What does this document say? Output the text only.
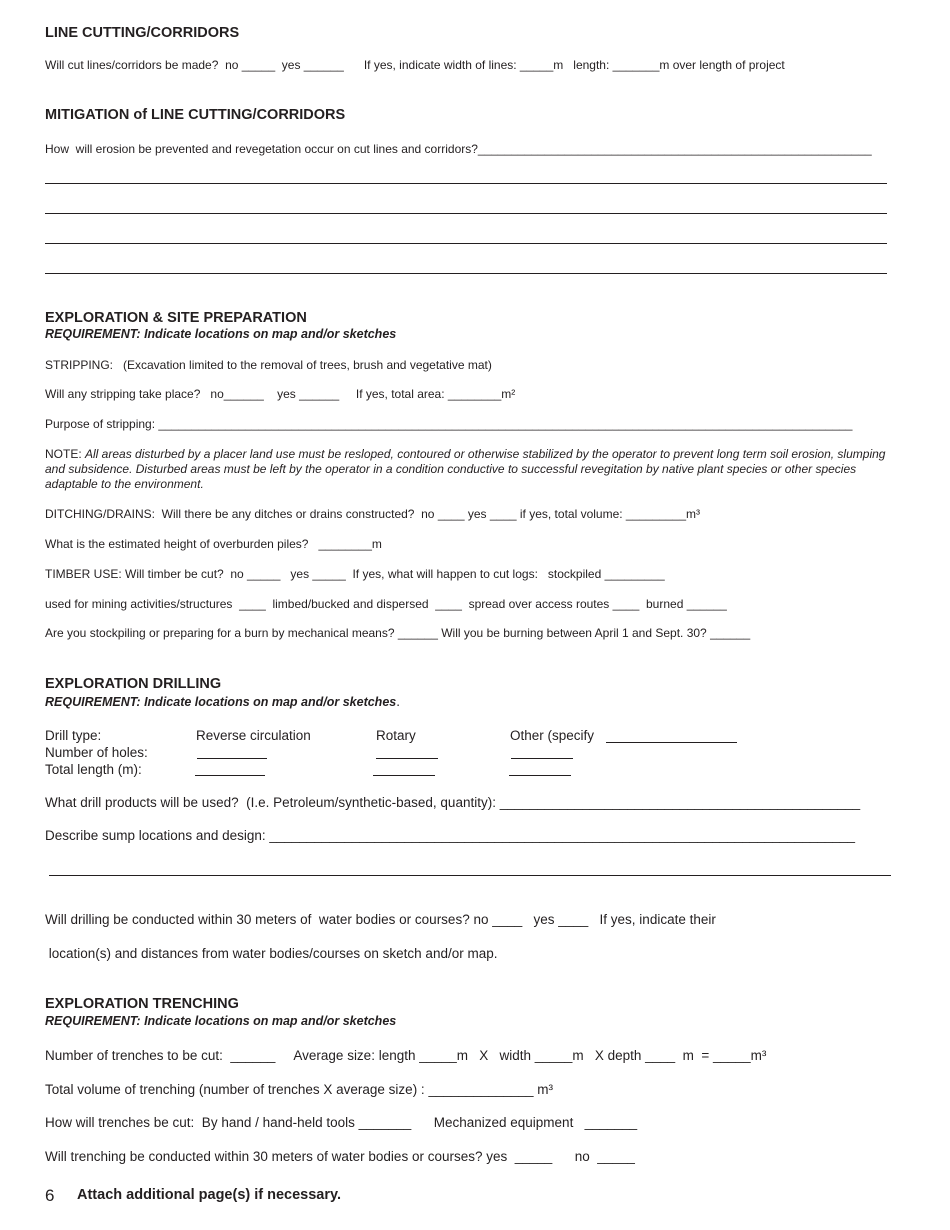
LINE CUTTING/CORRIDORS
Will cut lines/corridors be made?  no _____  yes ______      If yes, indicate width of lines: _____m   length: _______m over length of project
MITIGATION of LINE CUTTING/CORRIDORS
How  will erosion be prevented and revegetation occur on cut lines and corridors?___________________________________________________________
EXPLORATION & SITE PREPARATION
REQUIREMENT: Indicate locations on map and/or sketches
STRIPPING:   (Excavation limited to the removal of trees, brush and vegetative mat)
Will any stripping take place?   no______    yes ______     If yes, total area: ________m²
Purpose of stripping: ________________________________________________________________________________________________________
NOTE: All areas disturbed by a placer land use must be resloped, contoured or otherwise stabilized by the operator to prevent long term soil erosion, slumping and subsidence. Disturbed areas must be left by the operator in a condition conductive to successful revegitation by native plant species or other species adaptable to the environment.
DITCHING/DRAINS:  Will there be any ditches or drains constructed?  no ____ yes ____ if yes, total volume: _________m³
What is the estimated height of overburden piles?   ________m
TIMBER USE: Will timber be cut?  no _____   yes _____  If yes, what will happen to cut logs:   stockpiled _________
used for mining activities/structures  ____  limbed/bucked and dispersed  ____  spread over access routes ____  burned ______
Are you stockpiling or preparing for a burn by mechanical means? ______ Will you be burning between April 1 and Sept. 30? ______
EXPLORATION DRILLING
REQUIREMENT: Indicate locations on map and/or sketches.
Drill type:
Number of holes:
Total length (m):
Reverse circulation	Rotary	Other (specify
What drill products will be used?  (I.e. Petroleum/synthetic-based, quantity): ________________________________________________
Describe sump locations and design: ______________________________________________________________________________
Will drilling be conducted within 30 meters of  water bodies or courses? no ____   yes ____   If yes, indicate their
location(s) and distances from water bodies/courses on sketch and/or map.
EXPLORATION TRENCHING
REQUIREMENT: Indicate locations on map and/or sketches
Number of trenches to be cut:  ______     Average size: length _____m   X   width _____m   X depth ____  m  = _____m³
Total volume of trenching (number of trenches X average size) : ______________ m³
How will trenches be cut:  By hand / hand-held tools _______      Mechanized equipment   _______
Will trenching be conducted within 30 meters of water bodies or courses? yes  _____      no  _____
6 Attach additional page(s) if necessary.
